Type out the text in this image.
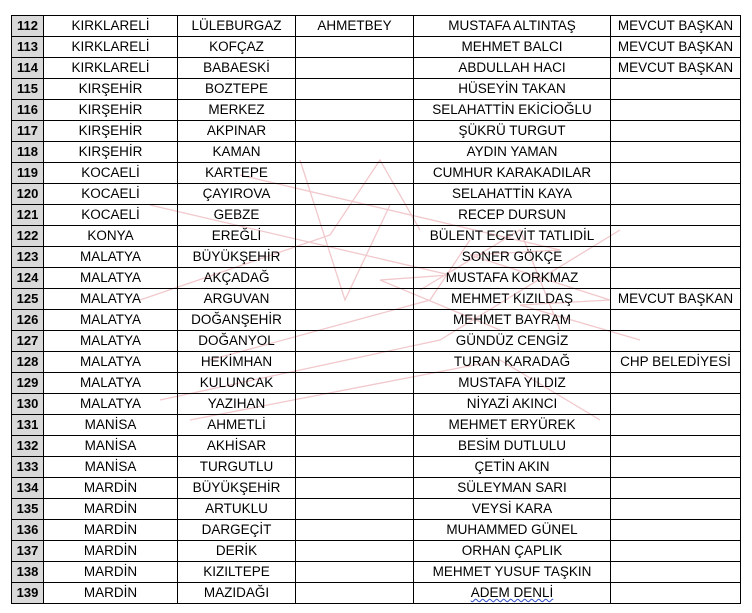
112	KIRKLARELİ	LÜLEBURGAZ	AHMETBEY	MUSTAFA ALTINTAŞ	MEVCUT BAŞKAN
113	KIRKLARELİ	KOFÇAZ		MEHMET BALCI	MEVCUT BAŞKAN
114	KIRKLARELİ	BABAESKİ		ABDULLAH HACI	MEVCUT BAŞKAN
115	KIRŞEHİR	BOZTEPE		HÜSEYİN TAKAN	
116	KIRŞEHİR	MERKEZ		SELAHATTİN EKİCİOĞLU	
117	KIRŞEHİR	AKPINAR		ŞÜKRÜ TURGUT	
118	KIRŞEHİR	KAMAN		AYDIN YAMAN	
119	KOCAELİ	KARTEPE		CUMHUR KARAKADILAR	
120	KOCAELİ	ÇAYIROVA		SELAHATTİN KAYA	
121	KOCAELİ	GEBZE		RECEP DURSUN	
122	KONYA	EREĞLİ		BÜLENT ECEVİT TATLIDİL	
123	MALATYA	BÜYÜKŞEHİR		SONER GÖKÇE	
124	MALATYA	AKÇADAĞ		MUSTAFA KORKMAZ	
125	MALATYA	ARGUVAN		MEHMET KIZILDAŞ	MEVCUT BAŞKAN
126	MALATYA	DOĞANŞEHİR		MEHMET BAYRAM	
127	MALATYA	DOĞANYOL		GÜNDÜZ CENGİZ	
128	MALATYA	HEKİMHAN		TURAN KARADAĞ	CHP BELEDİYESİ
129	MALATYA	KULUNCAK		MUSTAFA YILDIZ	
130	MALATYA	YAZIHAN		NİYAZİ AKINCI	
131	MANİSA	AHMETLİ		MEHMET ERYÜREK	
132	MANİSA	AKHİSAR		BESİM DUTLULU	
133	MANİSA	TURGUTLU		ÇETİN AKIN	
134	MARDİN	BÜYÜKŞEHİR		SÜLEYMAN SARI	
135	MARDİN	ARTUKLU		VEYSİ KARA	
136	MARDİN	DARGEÇİT		MUHAMMED GÜNEL	
137	MARDİN	DERİK		ORHAN ÇAPLIK	
138	MARDİN	KIZILTEPE		MEHMET YUSUF TAŞKIN	
139	MARDİN	MAZIDAĞI		ADEM DENLİ	
